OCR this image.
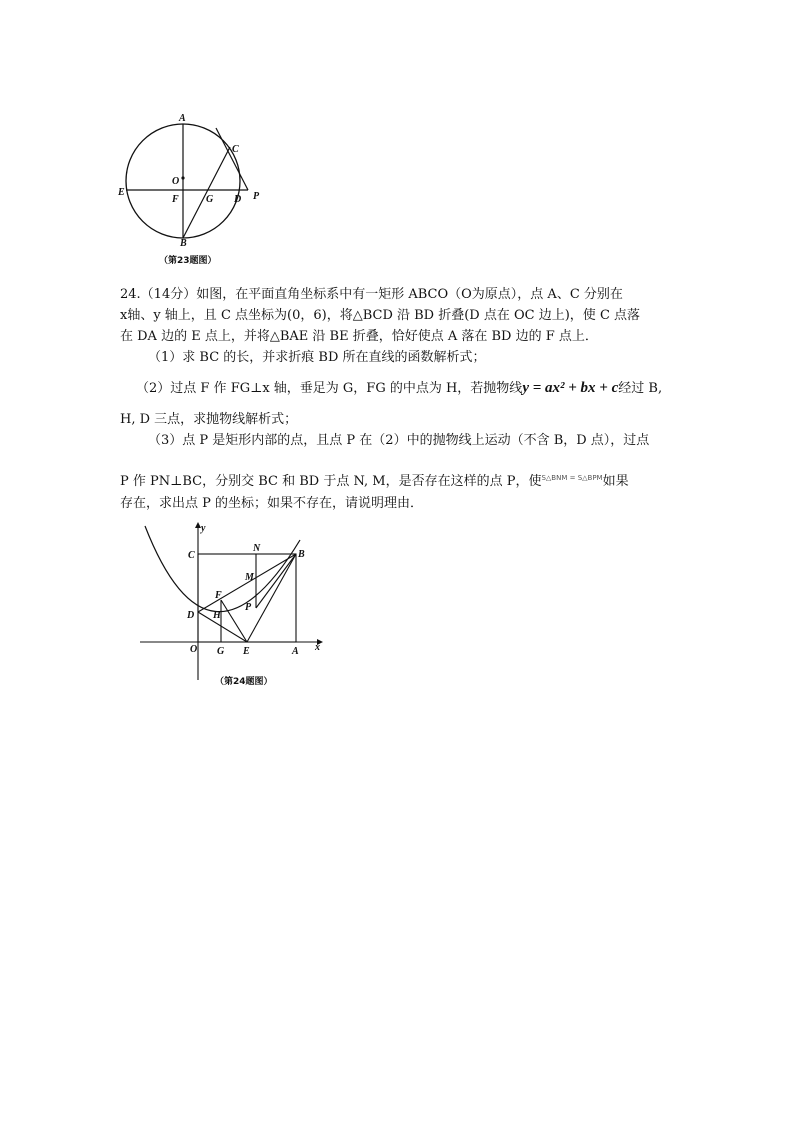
A
C
O
E
F	G D P
B
（第23题图）
24.（14分）如图，在平面直角坐标系中有一矩形 ABCO（O为原点），点 A、C 分别在
x轴、y 轴上，且 C 点坐标为(0，6)，将△BCD 沿 BD 折叠(D 点在 OC 边上)，使 C 点落
在 DA 边的 E 点上，并将△BAE 沿 BE 折叠，恰好使点 A 落在 BD 边的 F 点上．
（1）求 BC 的长，并求折痕 BD 所在直线的函数解析式；
（2）过点 F 作 FG⊥x 轴，垂足为 G，FG 的中点为 H，若抛物线y = ax² + bx + c经过 B,
H, D 三点，求抛物线解析式；
（3）点 P 是矩形内部的点，且点 P 在（2）中的抛物线上运动（不含 B，D 点），过点
P 作 PN⊥BC，分别交 BC 和 BD 于点 N, M，是否存在这样的点 P，使$^{S\triangle BNM = S\triangle BPM}$如果
存在，求出点 P 的坐标；如果不存在，请说明理由．
y
C
N
B
M
F
P
H
D
O G E	A x
（第24题图）
